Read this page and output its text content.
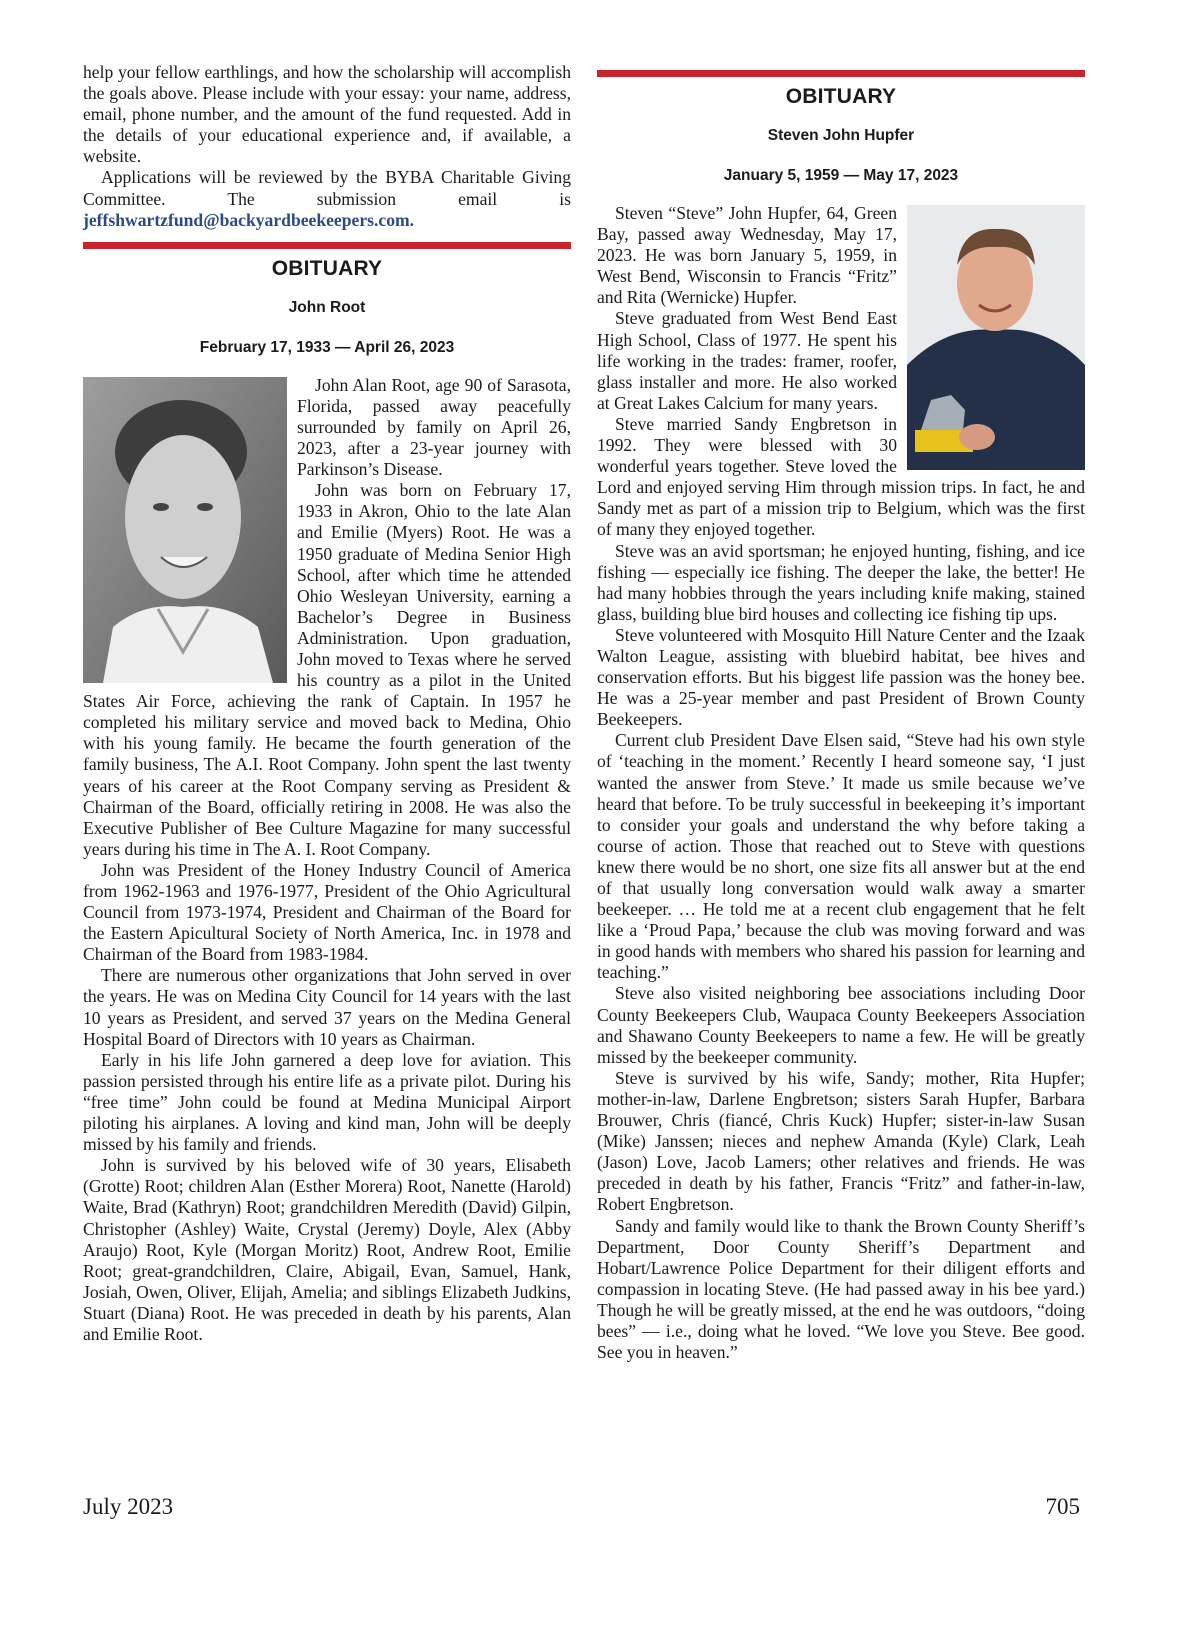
help your fellow earthlings, and how the scholarship will accomplish the goals above. Please include with your essay: your name, address, email, phone number, and the amount of the fund requested. Add in the details of your educational experience and, if available, a website.

Applications will be reviewed by the BYBA Charitable Giving Committee. The submission email is jeffshwartzfund@backyardbeekeepers.com.

OBITUARY
John Root
February 17, 1933 — April 26, 2023

John Alan Root, age 90 of Sarasota, Florida, passed away peacefully surrounded by family on April 26, 2023, after a 23-year journey with Parkinson’s Disease.

John was born on February 17, 1933 in Akron, Ohio to the late Alan and Emilie (Myers) Root. He was a 1950 graduate of Medina Senior High School, after which time he attended Ohio Wesleyan University, earning a Bachelor’s Degree in Business Administration. Upon graduation, John moved to Texas where he served his country as a pilot in the United States Air Force, achieving the rank of Captain. In 1957 he completed his military service and moved back to Medina, Ohio with his young family. He became the fourth generation of the family business, The A.I. Root Company. John spent the last twenty years of his career at the Root Company serving as President & Chairman of the Board, officially retiring in 2008. He was also the Executive Publisher of Bee Culture Magazine for many successful years during his time in The A. I. Root Company.

John was President of the Honey Industry Council of America from 1962-1963 and 1976-1977, President of the Ohio Agricultural Council from 1973-1974, President and Chairman of the Board for the Eastern Apicultural Society of North America, Inc. in 1978 and Chairman of the Board from 1983-1984.

There are numerous other organizations that John served in over the years. He was on Medina City Council for 14 years with the last 10 years as President, and served 37 years on the Medina General Hospital Board of Directors with 10 years as Chairman.

Early in his life John garnered a deep love for aviation. This passion persisted through his entire life as a private pilot. During his “free time” John could be found at Medina Municipal Airport piloting his airplanes. A loving and kind man, John will be deeply missed by his family and friends.

John is survived by his beloved wife of 30 years, Elisabeth (Grotte) Root; children Alan (Esther Morera) Root, Nanette (Harold) Waite, Brad (Kathryn) Root; grandchildren Meredith (David) Gilpin, Christopher (Ashley) Waite, Crystal (Jeremy) Doyle, Alex (Abby Araujo) Root, Kyle (Morgan Moritz) Root, Andrew Root, Emilie Root; great-grandchildren, Claire, Abigail, Evan, Samuel, Hank, Josiah, Owen, Oliver, Elijah, Amelia; and siblings Elizabeth Judkins, Stuart (Diana) Root. He was preceded in death by his parents, Alan and Emilie Root.

OBITUARY
Steven John Hupfer
January 5, 1959 — May 17, 2023

Steven “Steve” John Hupfer, 64, Green Bay, passed away Wednesday, May 17, 2023. He was born January 5, 1959, in West Bend, Wisconsin to Francis “Fritz” and Rita (Wernicke) Hupfer.

Steve graduated from West Bend East High School, Class of 1977. He spent his life working in the trades: framer, roofer, glass installer and more. He also worked at Great Lakes Calcium for many years.

Steve married Sandy Engbretson in 1992. They were blessed with 30 wonderful years together. Steve loved the Lord and enjoyed serving Him through mission trips. In fact, he and Sandy met as part of a mission trip to Belgium, which was the first of many they enjoyed together.

Steve was an avid sportsman; he enjoyed hunting, fishing, and ice fishing — especially ice fishing. The deeper the lake, the better! He had many hobbies through the years including knife making, stained glass, building blue bird houses and collecting ice fishing tip ups.

Steve volunteered with Mosquito Hill Nature Center and the Izaak Walton League, assisting with bluebird habitat, bee hives and conservation efforts. But his biggest life passion was the honey bee. He was a 25-year member and past President of Brown County Beekeepers.

Current club President Dave Elsen said, “Steve had his own style of ‘teaching in the moment.’ Recently I heard someone say, ‘I just wanted the answer from Steve.’ It made us smile because we’ve heard that before. To be truly successful in beekeeping it’s important to consider your goals and understand the why before taking a course of action. Those that reached out to Steve with questions knew there would be no short, one size fits all answer but at the end of that usually long conversation would walk away a smarter beekeeper. … He told me at a recent club engagement that he felt like a ‘Proud Papa,’ because the club was moving forward and was in good hands with members who shared his passion for learning and teaching.”

Steve also visited neighboring bee associations including Door County Beekeepers Club, Waupaca County Beekeepers Association and Shawano County Beekeepers to name a few. He will be greatly missed by the beekeeper community.

Steve is survived by his wife, Sandy; mother, Rita Hupfer; mother-in-law, Darlene Engbretson; sisters Sarah Hupfer, Barbara Brouwer, Chris (fiancé, Chris Kuck) Hupfer; sister-in-law Susan (Mike) Janssen; nieces and nephew Amanda (Kyle) Clark, Leah (Jason) Love, Jacob Lamers; other relatives and friends. He was preceded in death by his father, Francis “Fritz” and father-in-law, Robert Engbretson.

Sandy and family would like to thank the Brown County Sheriff’s Department, Door County Sheriff’s Department and Hobart/Lawrence Police Department for their diligent efforts and compassion in locating Steve. (He had passed away in his bee yard.) Though he will be greatly missed, at the end he was outdoors, “doing bees” — i.e., doing what he loved. “We love you Steve. Bee good. See you in heaven.”

July 2023	705
